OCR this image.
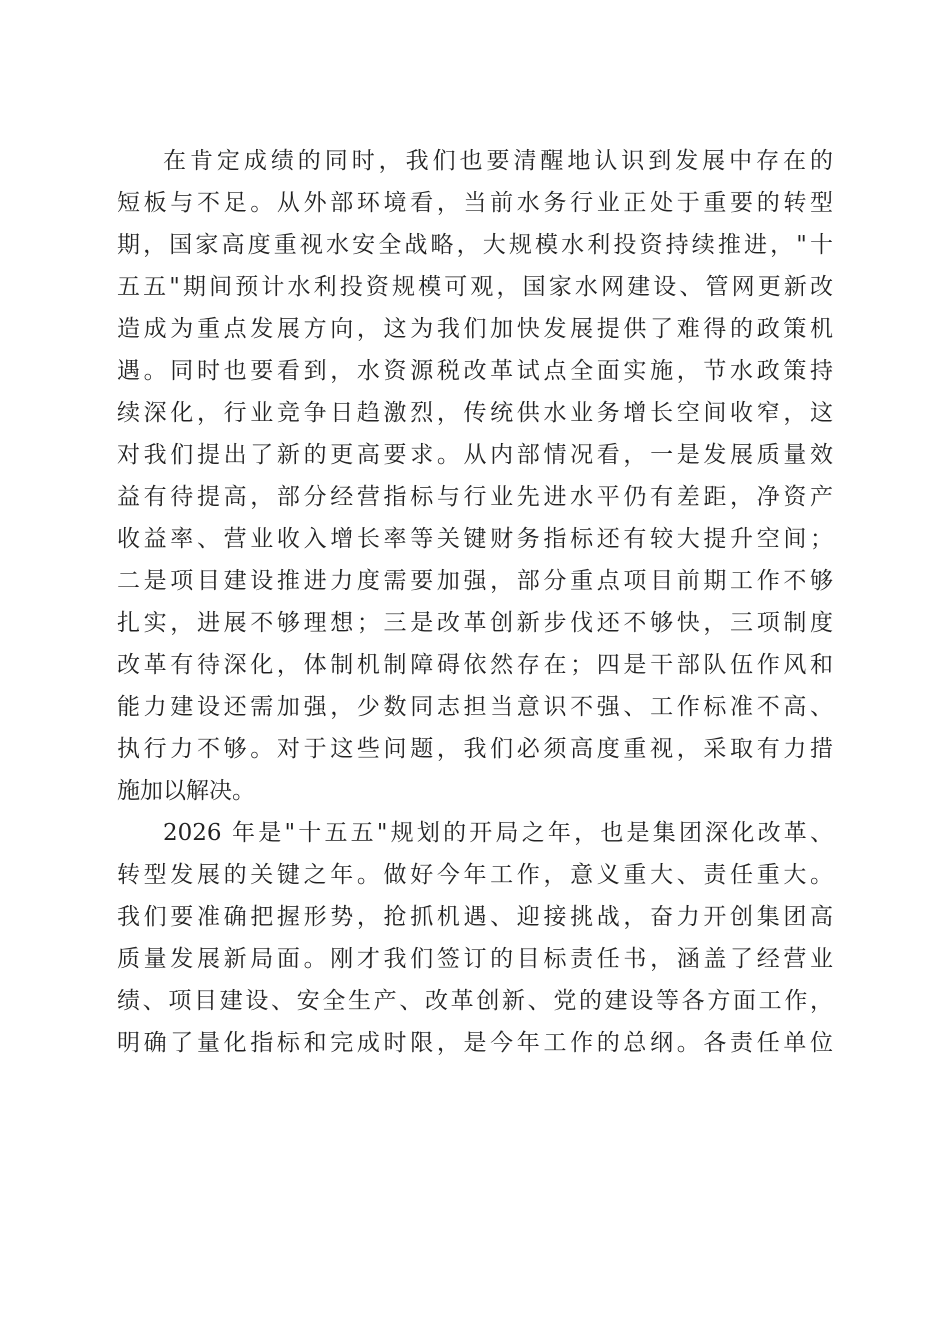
在肯定成绩的同时，我们也要清醒地认识到发展中存在的
短板与不足。从外部环境看，当前水务行业正处于重要的转型
期，国家高度重视水安全战略，大规模水利投资持续推进，"十
五五"期间预计水利投资规模可观，国家水网建设、管网更新改
造成为重点发展方向，这为我们加快发展提供了难得的政策机
遇。同时也要看到，水资源税改革试点全面实施，节水政策持
续深化，行业竞争日趋激烈，传统供水业务增长空间收窄，这
对我们提出了新的更高要求。从内部情况看，一是发展质量效
益有待提高，部分经营指标与行业先进水平仍有差距，净资产
收益率、营业收入增长率等关键财务指标还有较大提升空间；
二是项目建设推进力度需要加强，部分重点项目前期工作不够
扎实，进展不够理想；三是改革创新步伐还不够快，三项制度
改革有待深化，体制机制障碍依然存在；四是干部队伍作风和
能力建设还需加强，少数同志担当意识不强、工作标准不高、
执行力不够。对于这些问题，我们必须高度重视，采取有力措
施加以解决。

2026 年是"十五五"规划的开局之年，也是集团深化改革、
转型发展的关键之年。做好今年工作，意义重大、责任重大。
我们要准确把握形势，抢抓机遇、迎接挑战，奋力开创集团高
质量发展新局面。刚才我们签订的目标责任书，涵盖了经营业
绩、项目建设、安全生产、改革创新、党的建设等各方面工作，
明确了量化指标和完成时限，是今年工作的总纲。各责任单位
